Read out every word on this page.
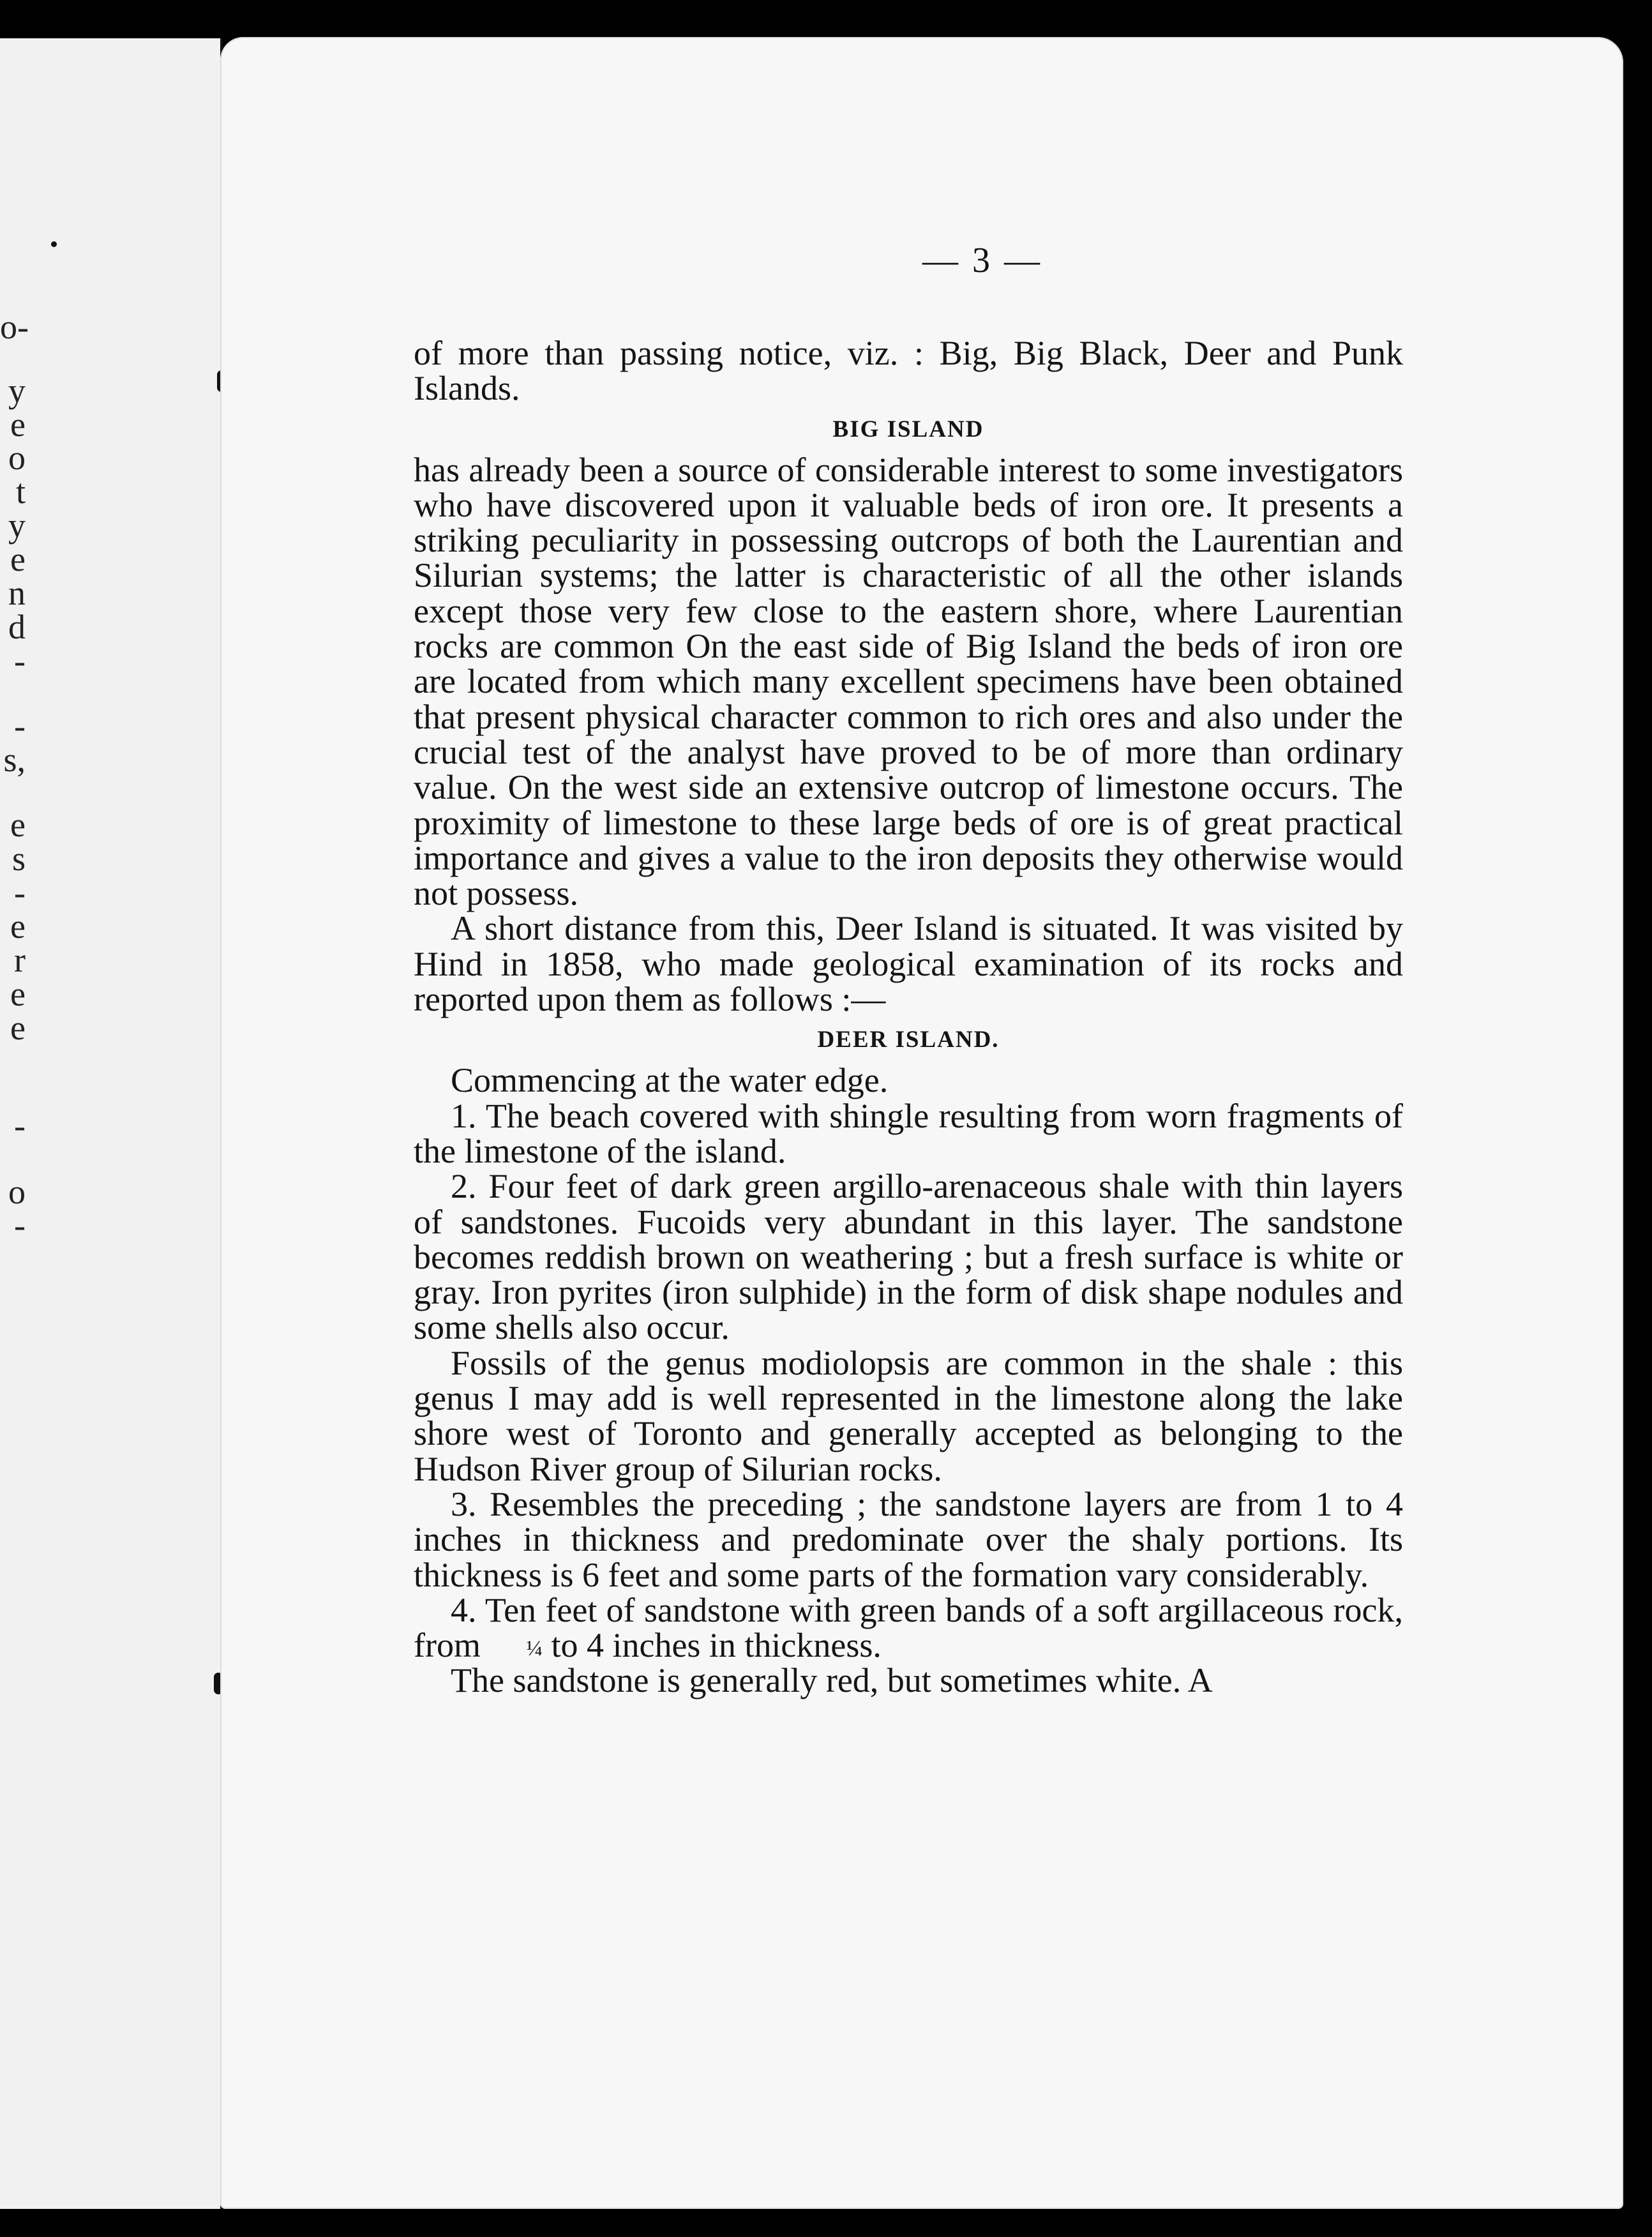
o-
y
e
o
t
y
e
n
d
-
-
s,
e
s
-
e
r
e
e
-
o
-
— 3 —

of more than passing notice, viz. : Big, Big Black, Deer and Punk Islands.

BIG ISLAND

has already been a source of considerable interest to some investigators who have discovered upon it valuable beds of iron ore. It presents a striking peculiarity in possessing outcrops of both the Laurentian and Silurian systems; the latter is characteristic of all the other islands except those very few close to the eastern shore, where Laurentian rocks are common On the east side of Big Island the beds of iron ore are located from which many excellent specimens have been obtained that present physical character common to rich ores and also under the crucial test of the analyst have proved to be of more than ordinary value. On the west side an extensive outcrop of limestone occurs. The proximity of limestone to these large beds of ore is of great practical importance and gives a value to the iron deposits they otherwise would not possess.

A short distance from this, Deer Island is situated. It was visited by Hind in 1858, who made geological examination of its rocks and reported upon them as follows :—

DEER ISLAND.

Commencing at the water edge.

1. The beach covered with shingle resulting from worn fragments of the limestone of the island.

2. Four feet of dark green argillo-arenaceous shale with thin layers of sandstones. Fucoids very abundant in this layer. The sandstone becomes reddish brown on weathering ; but a fresh surface is white or gray. Iron pyrites (iron sulphide) in the form of disk shape nodules and some shells also occur.

Fossils of the genus modiolopsis are common in the shale : this genus I may add is well represented in the limestone along the lake shore west of Toronto and generally accepted as belonging to the Hudson River group of Silurian rocks.

3. Resembles the preceding ; the sandstone layers are from 1 to 4 inches in thickness and predominate over the shaly portions. Its thickness is 6 feet and some parts of the formation vary considerably.

4. Ten feet of sandstone with green bands of a soft argillaceous rock, from ¼ to 4 inches in thickness.

The sandstone is generally red, but sometimes white. A
